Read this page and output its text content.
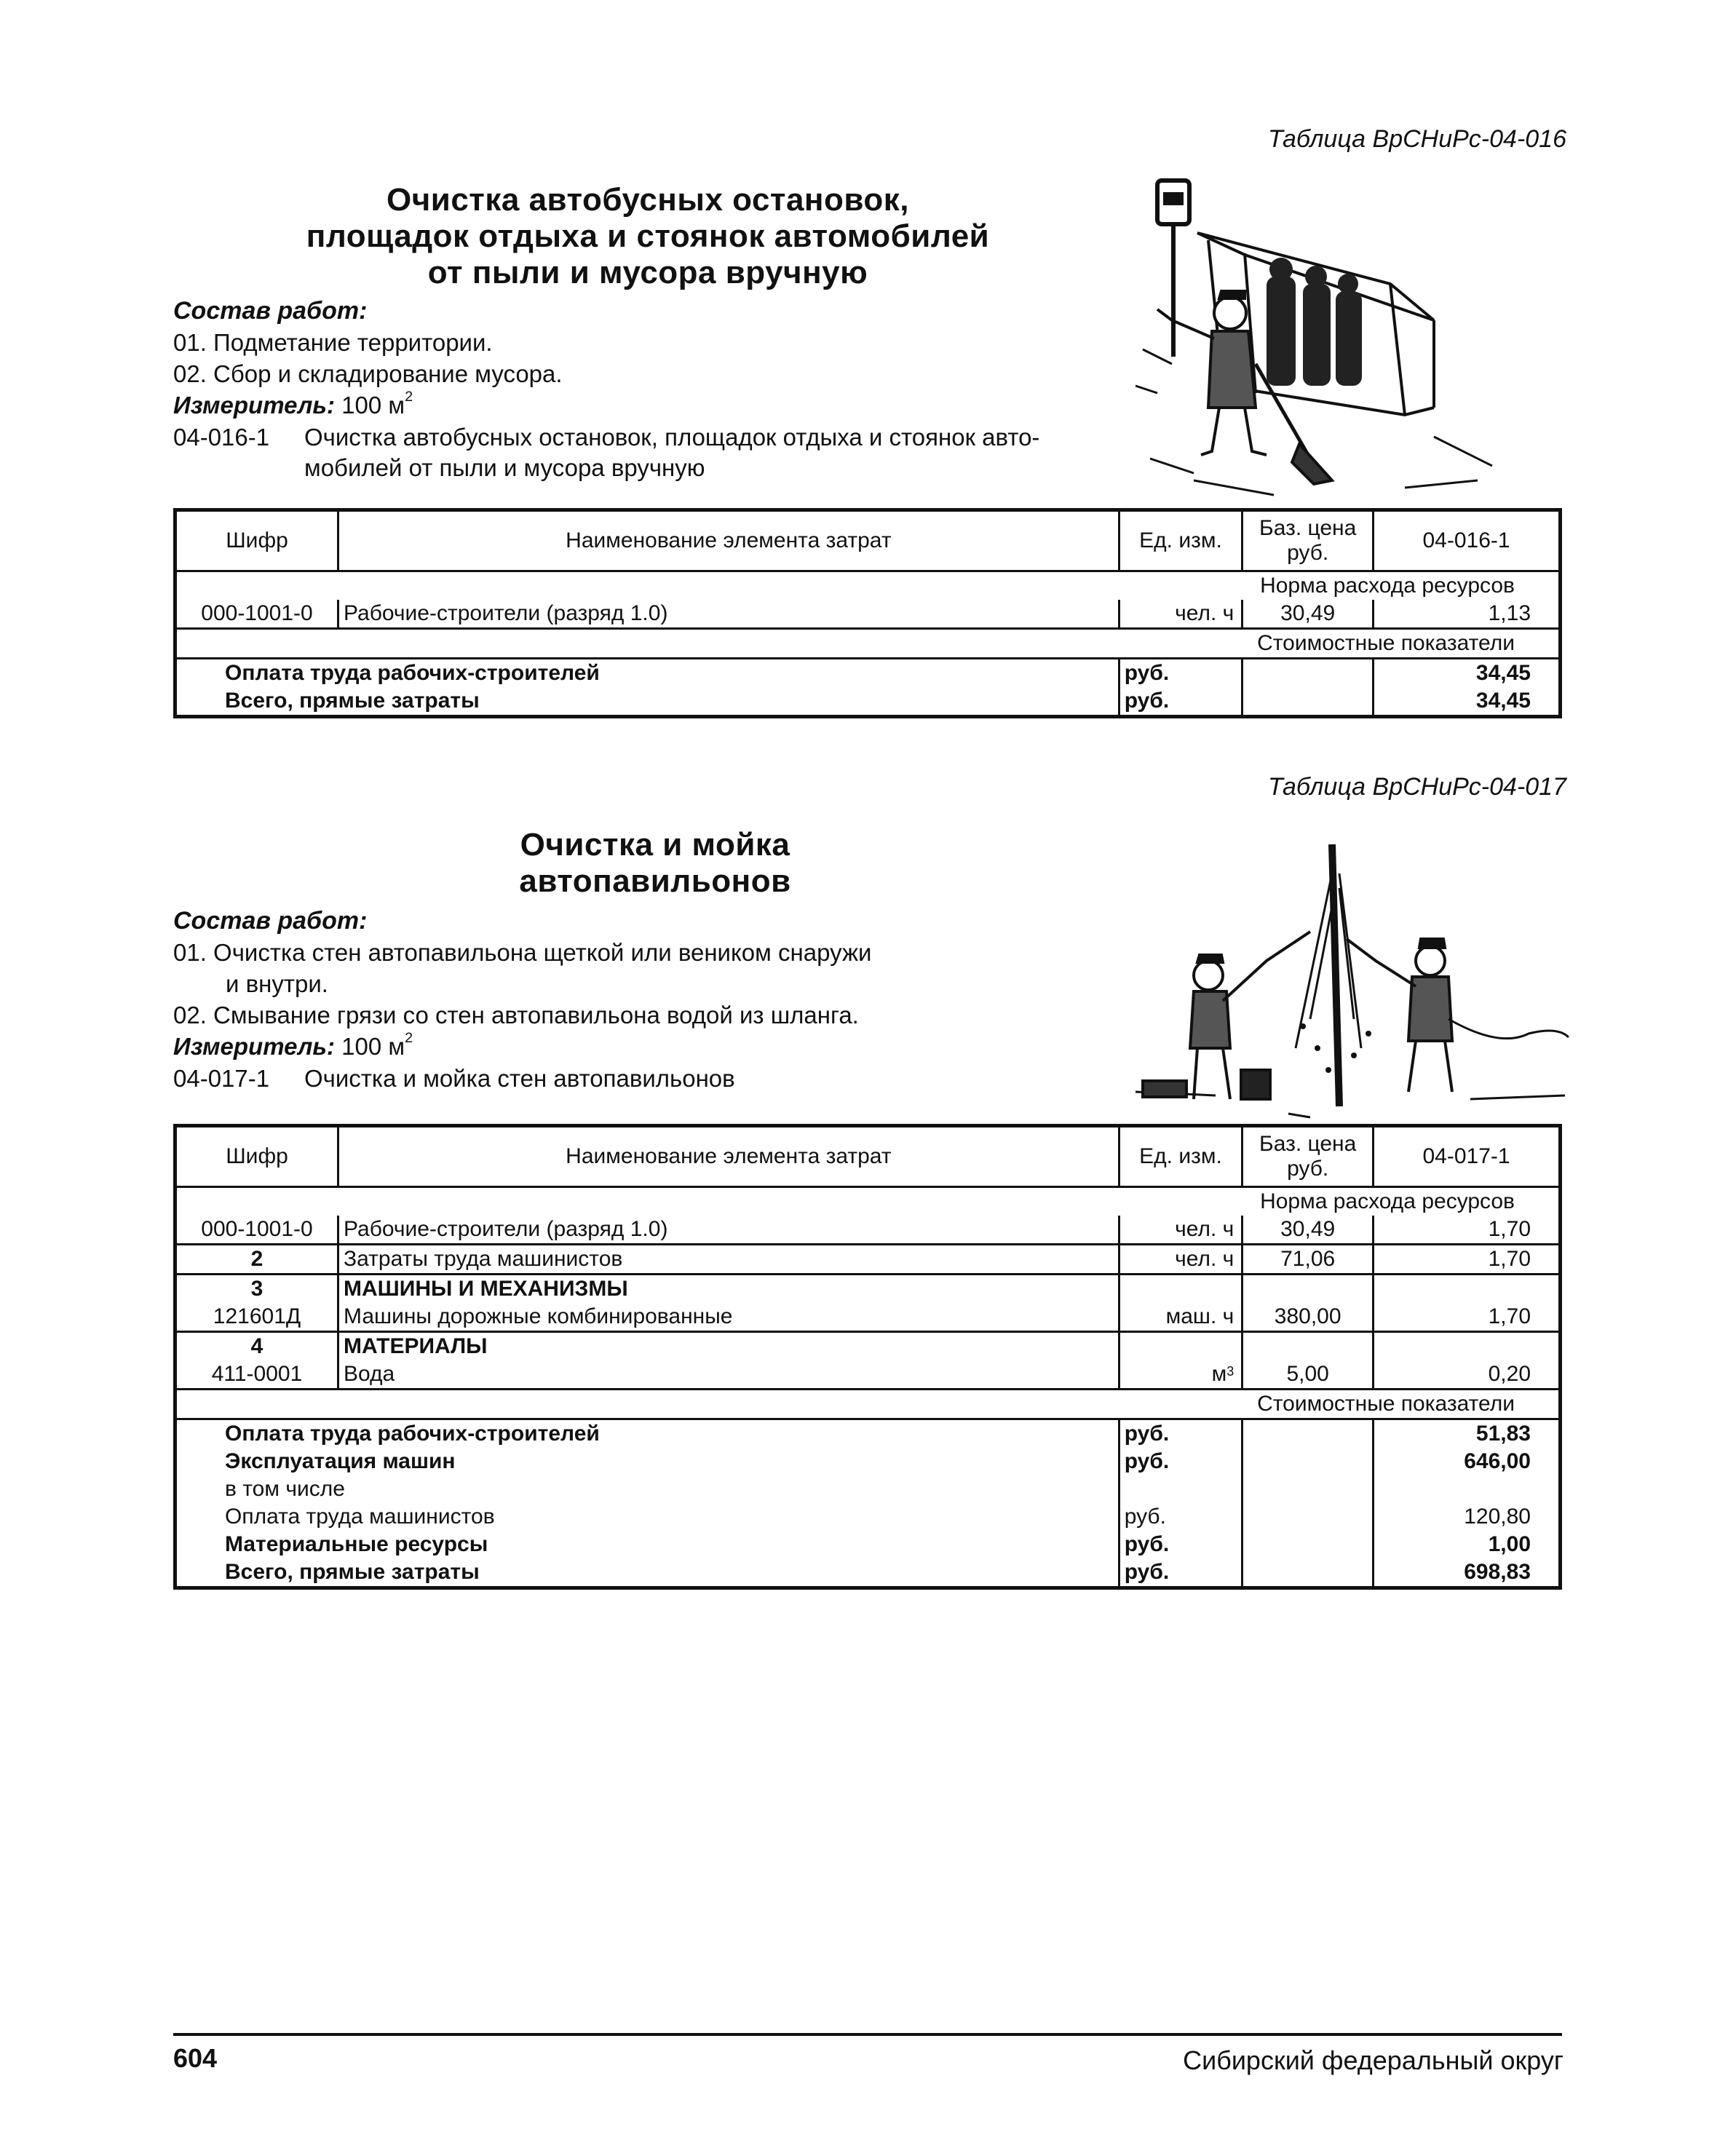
Таблица ВрСНиРс-04-016
Очистка автобусных остановок,
площадок отдыха и стоянок автомобилей
от пыли и мусора вручную
Состав работ:
01. Подметание территории.
02. Сбор и складирование мусора.
Измеритель: 100 $м^2$
04-016-1 Очистка автобусных остановок, площадок отдыха и стоянок авто-
мобилей от пыли и мусора вручную
Шифр	Наименование элемента затрат	Ед. изм.	Баз. цена руб.	04-016-1
Норма расхода ресурсов				
000-1001-0	Рабочие-строители (разряд 1.0)	чел. ч	30,49	1,13
Стоимостные показатели				
Оплата труда рабочих-строителей		руб.		34,45
Всего, прямые затраты		руб.		34,45
Таблица ВрСНиРс-04-017
Очистка и мойка
автопавильонов
Состав работ:
01. Очистка стен автопавильона щеткой или веником снаружи
и внутри.
02. Смывание грязи со стен автопавильона водой из шланга.
Измеритель: 100 $м^2$
04-017-1 Очистка и мойка стен автопавильонов
Шифр	Наименование элемента затрат	Ед. изм.	Баз. цена руб.	04-017-1
Норма расхода ресурсов				
000-1001-0	Рабочие-строители (разряд 1.0)	чел. ч	30,49	1,70
2	Затраты труда машинистов	чел. ч	71,06	1,70
3	МАШИНЫ И МЕХАНИЗМЫ			
121601Д	Машины дорожные комбинированные	маш. ч	380,00	1,70
4	МАТЕРИАЛЫ			
411-0001	Вода	$м^3$	5,00	0,20
Стоимостные показатели				
Оплата труда рабочих-строителей		руб.		51,83
Эксплуатация машин		руб.		646,00
в том числе				
Оплата труда машинистов		руб.		120,80
Материальные ресурсы		руб.		1,00
Всего, прямые затраты		руб.		698,83
604	Сибирский федеральный округ
